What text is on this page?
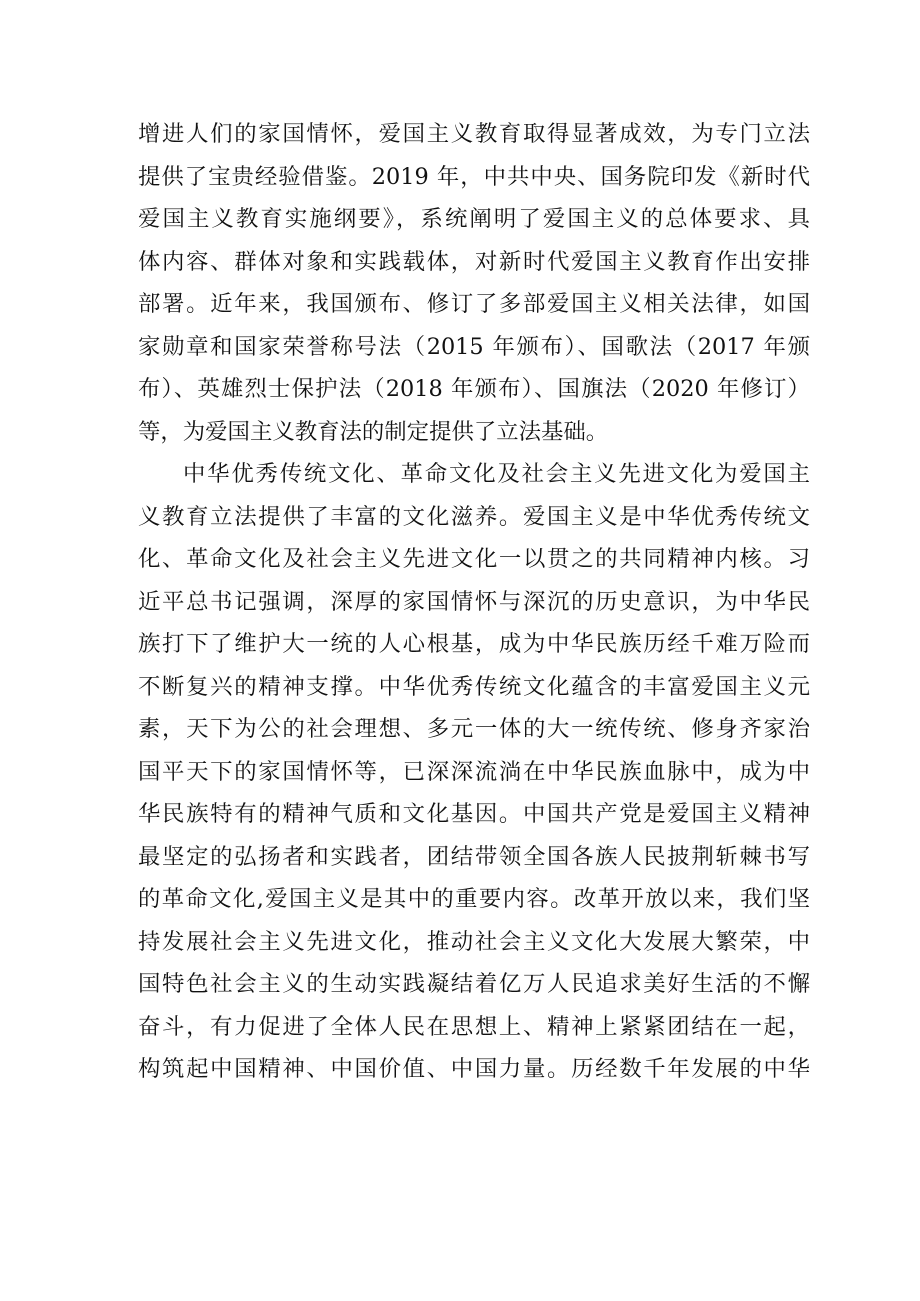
增进人们的家国情怀，爱国主义教育取得显著成效，为专门立法
提供了宝贵经验借鉴。2019 年，中共中央、国务院印发《新时代
爱国主义教育实施纲要》，系统阐明了爱国主义的总体要求、具
体内容、群体对象和实践载体，对新时代爱国主义教育作出安排
部署。近年来，我国颁布、修订了多部爱国主义相关法律，如国
家勋章和国家荣誉称号法（2015 年颁布）、国歌法（2017 年颁
布）、英雄烈士保护法（2018 年颁布）、国旗法（2020 年修订）
等，为爱国主义教育法的制定提供了立法基础。
中华优秀传统文化、革命文化及社会主义先进文化为爱国主
义教育立法提供了丰富的文化滋养。爱国主义是中华优秀传统文
化、革命文化及社会主义先进文化一以贯之的共同精神内核。习
近平总书记强调，深厚的家国情怀与深沉的历史意识，为中华民
族打下了维护大一统的人心根基，成为中华民族历经千难万险而
不断复兴的精神支撑。中华优秀传统文化蕴含的丰富爱国主义元
素，天下为公的社会理想、多元一体的大一统传统、修身齐家治
国平天下的家国情怀等，已深深流淌在中华民族血脉中，成为中
华民族特有的精神气质和文化基因。中国共产党是爱国主义精神
最坚定的弘扬者和实践者，团结带领全国各族人民披荆斩棘书写
的革命文化,爱国主义是其中的重要内容。改革开放以来，我们坚
持发展社会主义先进文化，推动社会主义文化大发展大繁荣，中
国特色社会主义的生动实践凝结着亿万人民追求美好生活的不懈
奋斗，有力促进了全体人民在思想上、精神上紧紧团结在一起，
构筑起中国精神、中国价值、中国力量。历经数千年发展的中华
